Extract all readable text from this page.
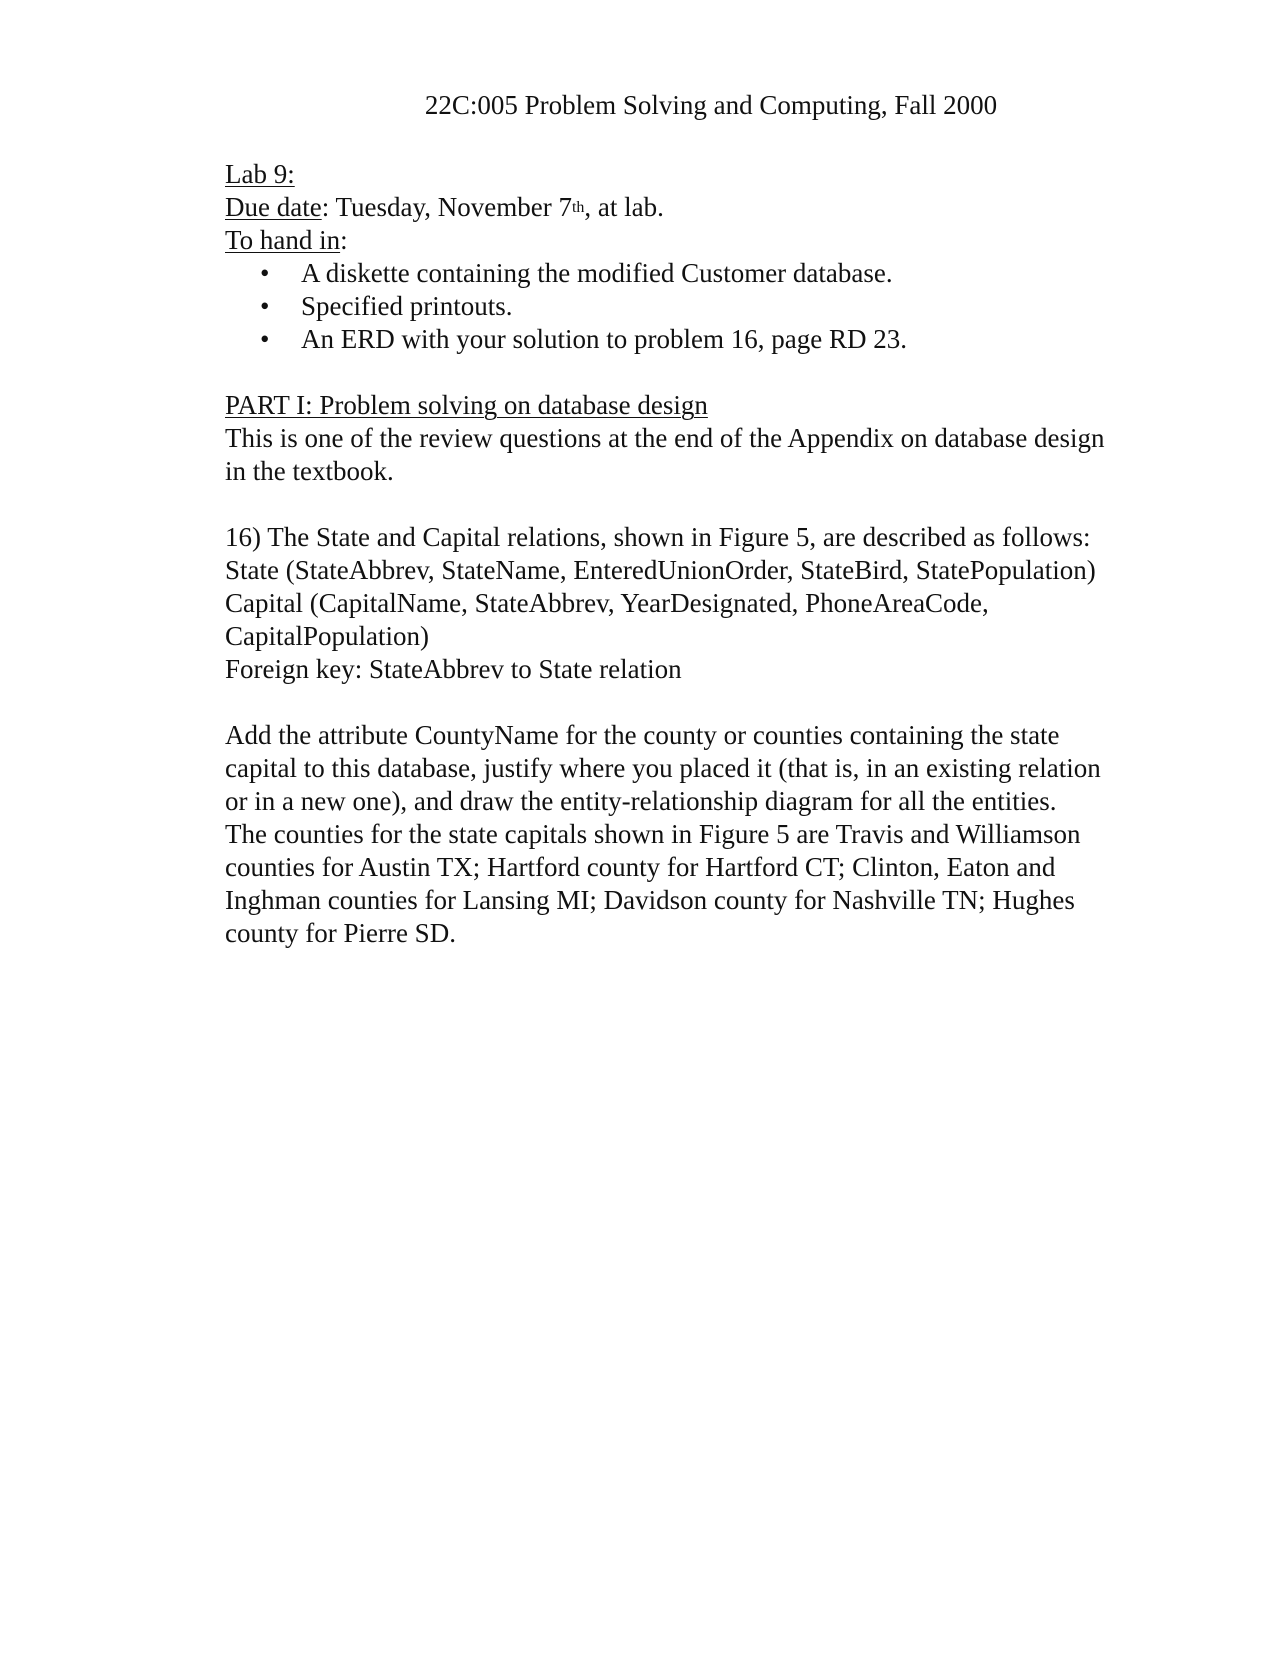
22C:005 Problem Solving and Computing, Fall 2000
Lab 9:
Due date: Tuesday, November 7th, at lab.
To hand in:
• A diskette containing the modified Customer database.
• Specified printouts.
• An ERD with your solution to problem 16, page RD 23.
PART I: Problem solving on database design
This is one of the review questions at the end of the Appendix on database design
in the textbook.
16) The State and Capital relations, shown in Figure 5, are described as follows:
State (StateAbbrev, StateName, EnteredUnionOrder, StateBird, StatePopulation)
Capital (CapitalName, StateAbbrev, YearDesignated, PhoneAreaCode,
CapitalPopulation)
Foreign key: StateAbbrev to State relation
Add the attribute CountyName for the county or counties containing the state
capital to this database, justify where you placed it (that is, in an existing relation
or in a new one), and draw the entity-relationship diagram for all the entities.
The counties for the state capitals shown in Figure 5 are Travis and Williamson
counties for Austin TX; Hartford county for Hartford CT; Clinton, Eaton and
Inghman counties for Lansing MI; Davidson county for Nashville TN; Hughes
county for Pierre SD.
